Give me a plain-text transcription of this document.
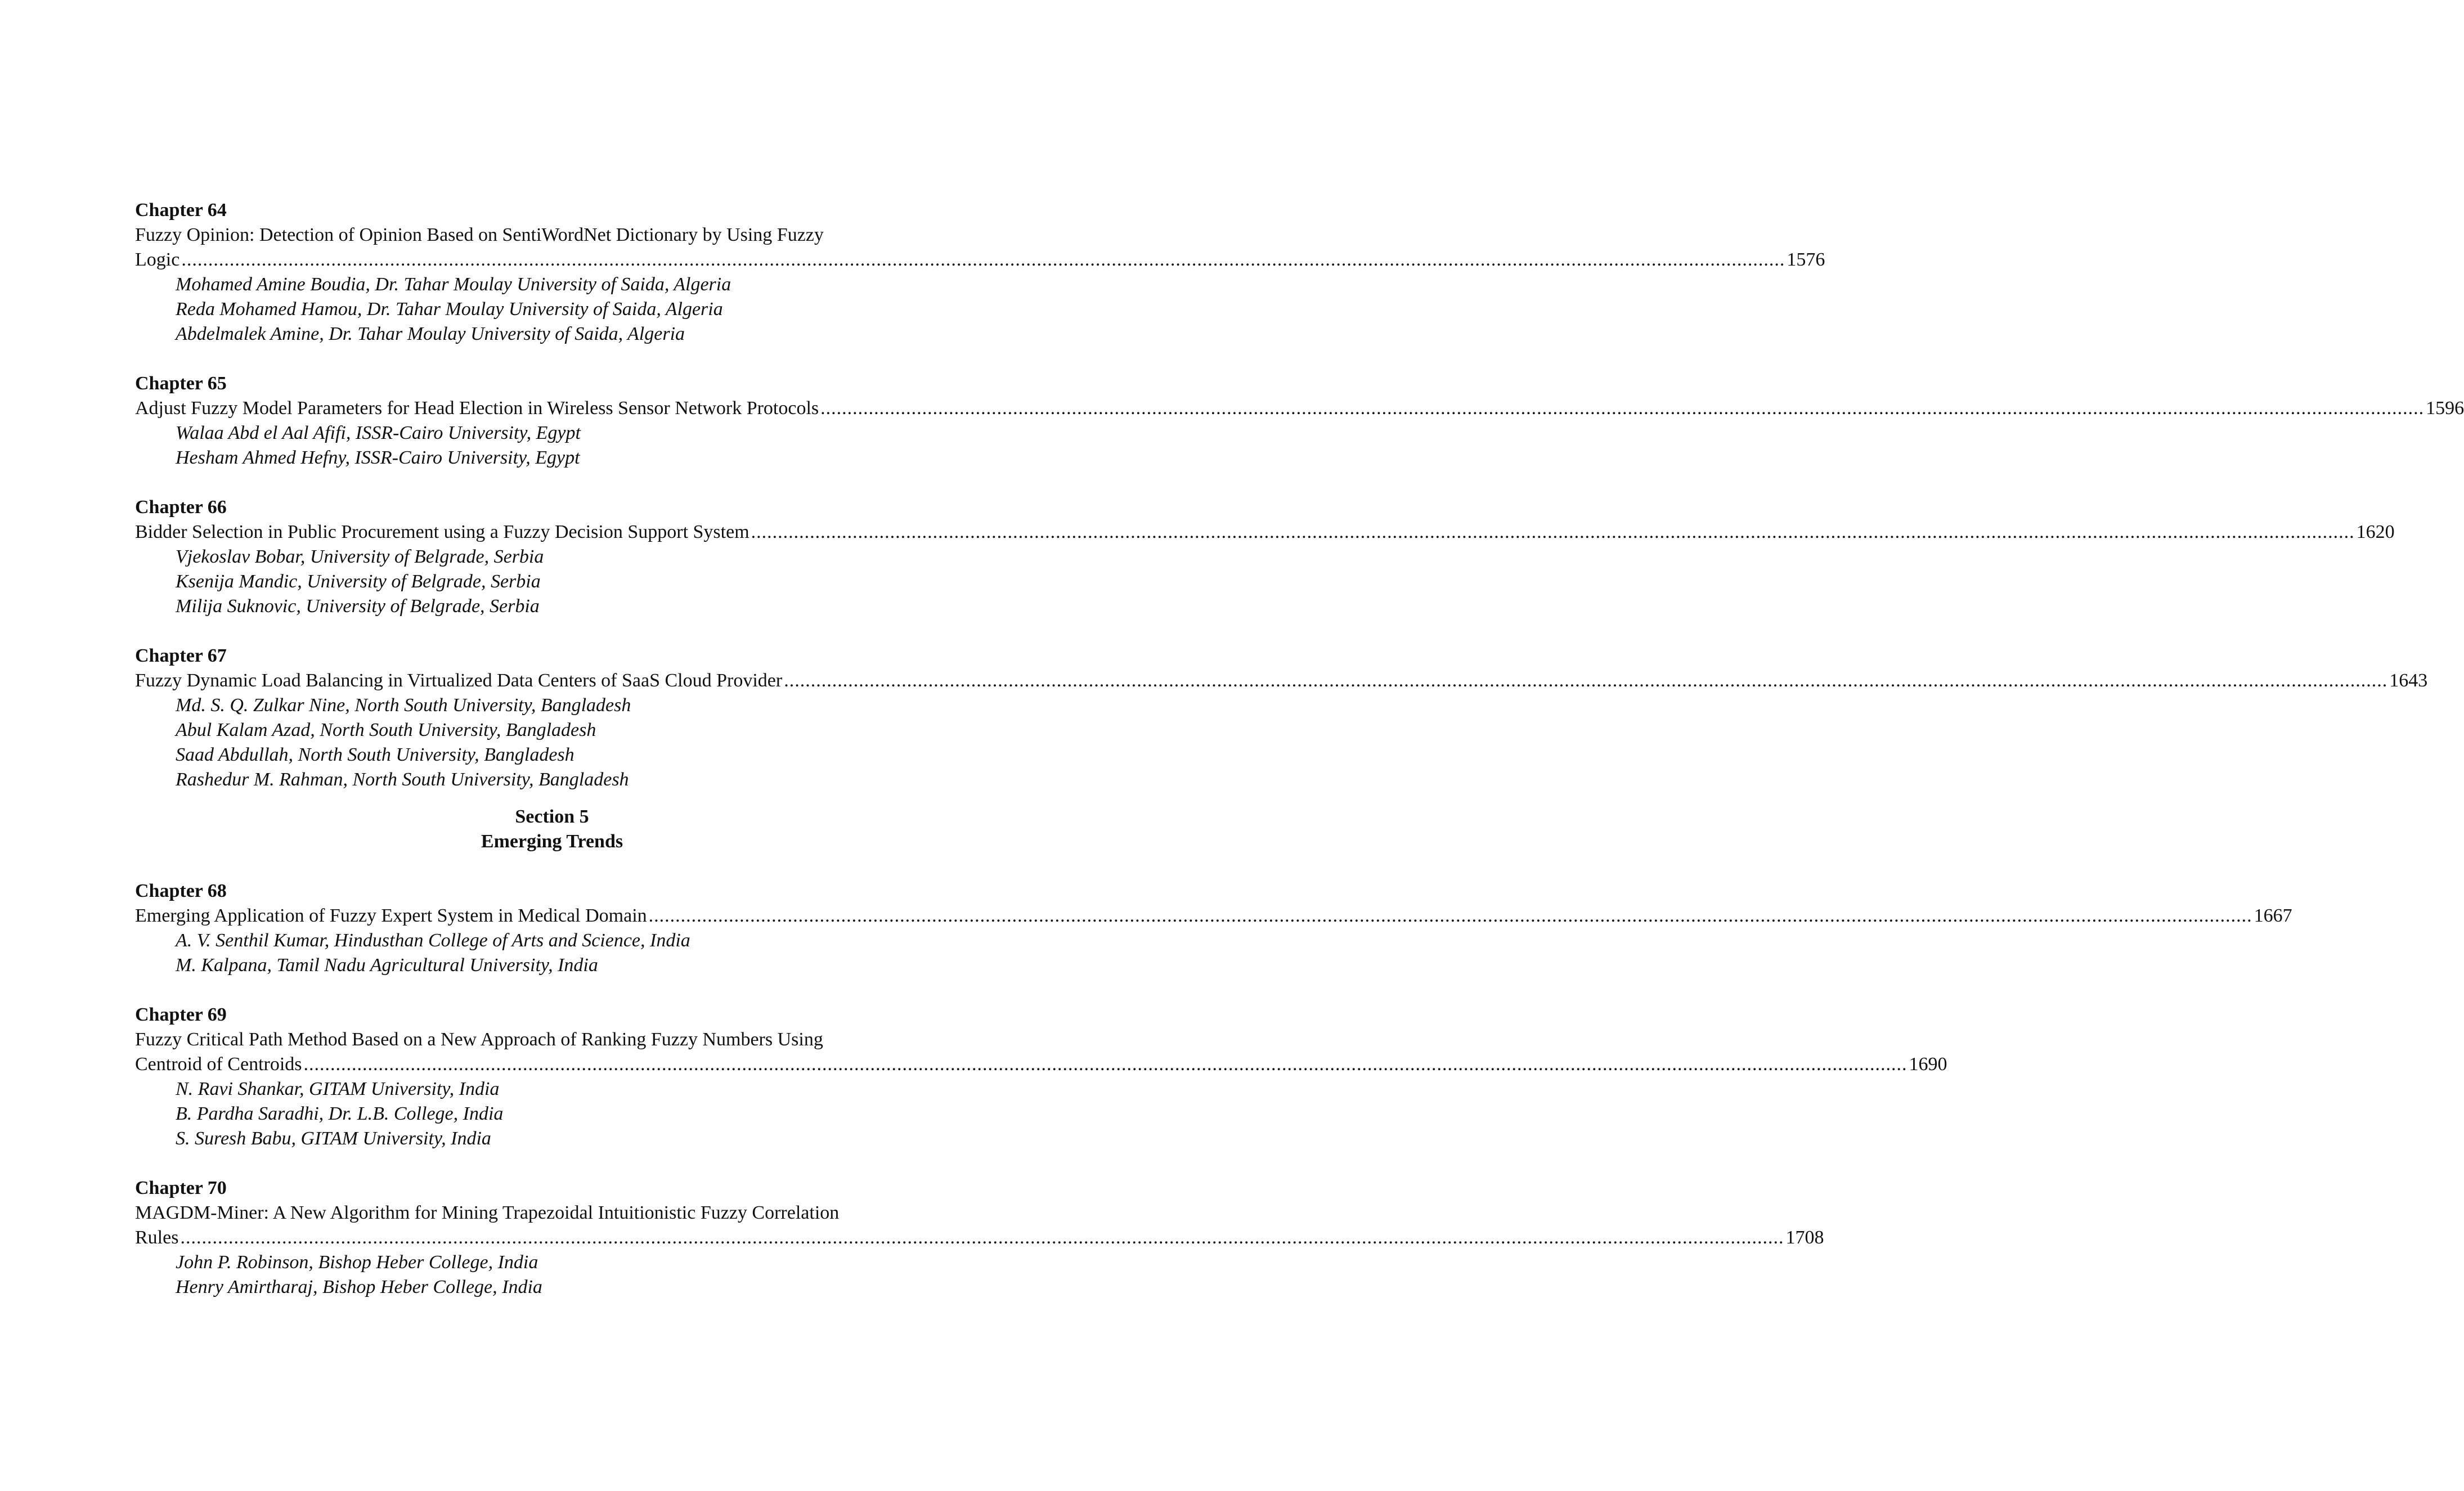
Chapter 64
Fuzzy Opinion: Detection of Opinion Based on SentiWordNet Dictionary by Using Fuzzy
Logic ............................................................................................................................................................................................................................................................................................................ 1576
Mohamed Amine Boudia, Dr. Tahar Moulay University of Saida, Algeria
Reda Mohamed Hamou, Dr. Tahar Moulay University of Saida, Algeria
Abdelmalek Amine, Dr. Tahar Moulay University of Saida, Algeria
Chapter 65
Adjust Fuzzy Model Parameters for Head Election in Wireless Sensor Network Protocols ............................................................................................................................................................................................................................................................................................................ 1596
Walaa Abd el Aal Afifi, ISSR-Cairo University, Egypt
Hesham Ahmed Hefny, ISSR-Cairo University, Egypt
Chapter 66
Bidder Selection in Public Procurement using a Fuzzy Decision Support System ............................................................................................................................................................................................................................................................................................................ 1620
Vjekoslav Bobar, University of Belgrade, Serbia
Ksenija Mandic, University of Belgrade, Serbia
Milija Suknovic, University of Belgrade, Serbia
Chapter 67
Fuzzy Dynamic Load Balancing in Virtualized Data Centers of SaaS Cloud Provider ............................................................................................................................................................................................................................................................................................................ 1643
Md. S. Q. Zulkar Nine, North South University, Bangladesh
Abul Kalam Azad, North South University, Bangladesh
Saad Abdullah, North South University, Bangladesh
Rashedur M. Rahman, North South University, Bangladesh
Section 5
Emerging Trends
Chapter 68
Emerging Application of Fuzzy Expert System in Medical Domain ............................................................................................................................................................................................................................................................................................................ 1667
A. V. Senthil Kumar, Hindusthan College of Arts and Science, India
M. Kalpana, Tamil Nadu Agricultural University, India
Chapter 69
Fuzzy Critical Path Method Based on a New Approach of Ranking Fuzzy Numbers Using
Centroid of Centroids ............................................................................................................................................................................................................................................................................................................ 1690
N. Ravi Shankar, GITAM University, India
B. Pardha Saradhi, Dr. L.B. College, India
S. Suresh Babu, GITAM University, India
Chapter 70
MAGDM-Miner: A New Algorithm for Mining Trapezoidal Intuitionistic Fuzzy Correlation
Rules ............................................................................................................................................................................................................................................................................................................ 1708
John P. Robinson, Bishop Heber College, India
Henry Amirtharaj, Bishop Heber College, India
